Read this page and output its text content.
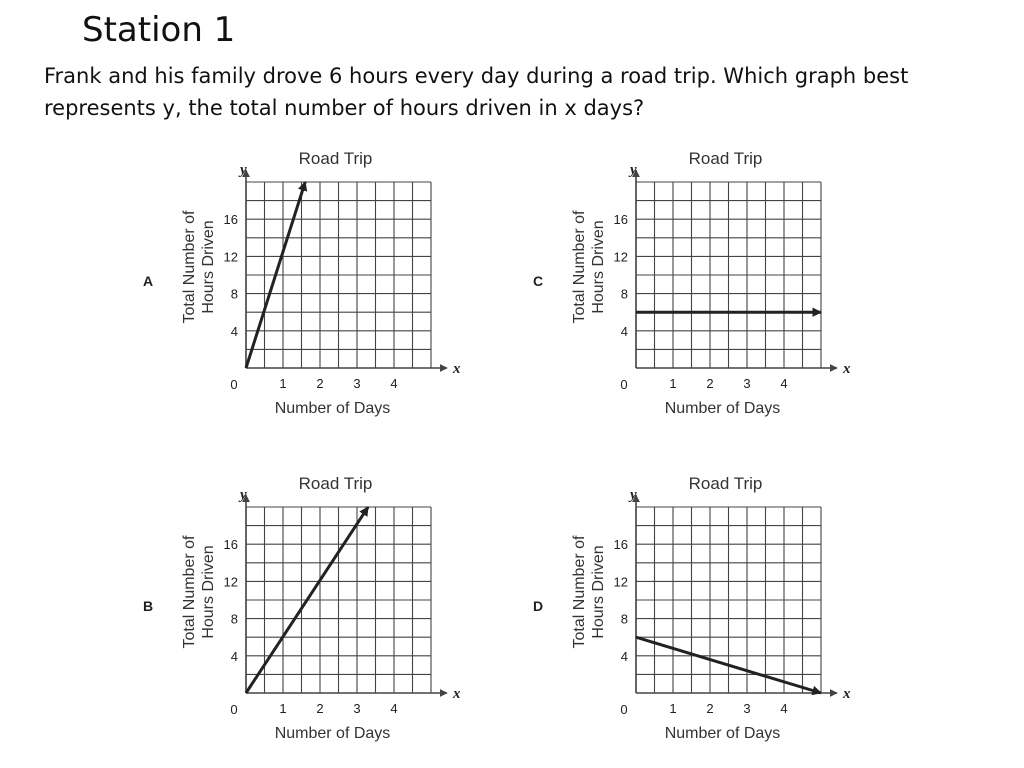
Station 1

Frank and his family drove 6 hours every day during a road trip. Which graph best represents y, the total number of hours driven in x days?

x
y
Road Trip
0	1 2 3 4
4
8
12
16
Number of Days
Total Number of Hours Driven
A
x
y
Road Trip
0	1 2 3 4
4
8
12
16
Number of Days
Total Number of Hours Driven
C
x
y
Road Trip
0	1 2 3 4
4
8
12
16
Number of Days
Total Number of Hours Driven
B
x
y
Road Trip
0	1 2 3 4
4
8
12
16
Number of Days
Total Number of Hours Driven
D
